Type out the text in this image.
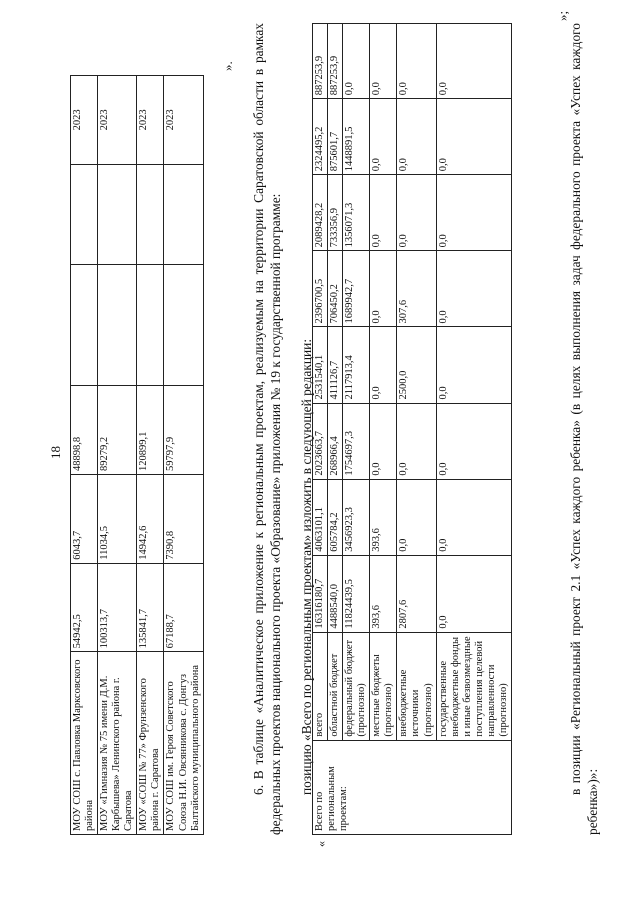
18
МОУ СОШ с. Павловка Марксовского района	54942,5	6043,7	48898,8			2023
МОУ «Гимназия № 75 имени Д.М. Карбышева» Ленинского района г. Саратова	100313,7	11034,5	89279,2			2023
МОУ «СОШ № 77» Фрунзенского района г. Саратова	135841,7	14942,6	120899,1			2023
МОУ СОШ им. Героя Советского Союза Н.И. Овсянникова с. Донгуз Балтайского муниципального района	67188,7	7390,8	59797,9			2023
». 6. В таблице «Аналитическое приложение к региональным проектам, реализуемым на территории Саратовской области в рамках федеральных проектов национального проекта «Образование» приложения № 19 к государственной программе: позицию «Всего по региональным проектам» изложить в следующей редакции:
«
Всего по региональным проектам:	всего	16316180,7	4063101,1	2023663,7	2531540,1	2396700,5	2089428,2	2324495,2	887253,9
	областной бюджет	4488540,0	605784,2	268966,4	411126,7	706450,2	733356,9	875601,7	887253,9
	федеральный бюджет (прогнозно)	11824439,5	3456923,3	1754697,3	2117913,4	1689942,7	1356071,3	1448891,5	0,0
	местные бюджеты (прогнозно)	393,6	393,6	0,0	0,0	0,0	0,0	0,0	0,0
	внебюджетные источники (прогнозно)	2807,6	0,0	0,0	2500,0	307,6	0,0	0,0	0,0
	государственные внебюджетные фонды и иные безвозмездные поступления целевой направленности (прогнозно)	0,0	0,0	0,0	0,0	0,0	0,0	0,0	0,0
»;
в позиции «Региональный проект 2.1 «Успех каждого ребенка» (в целях выполнения задач федерального проекта «Успех каждого ребенка»)»:
